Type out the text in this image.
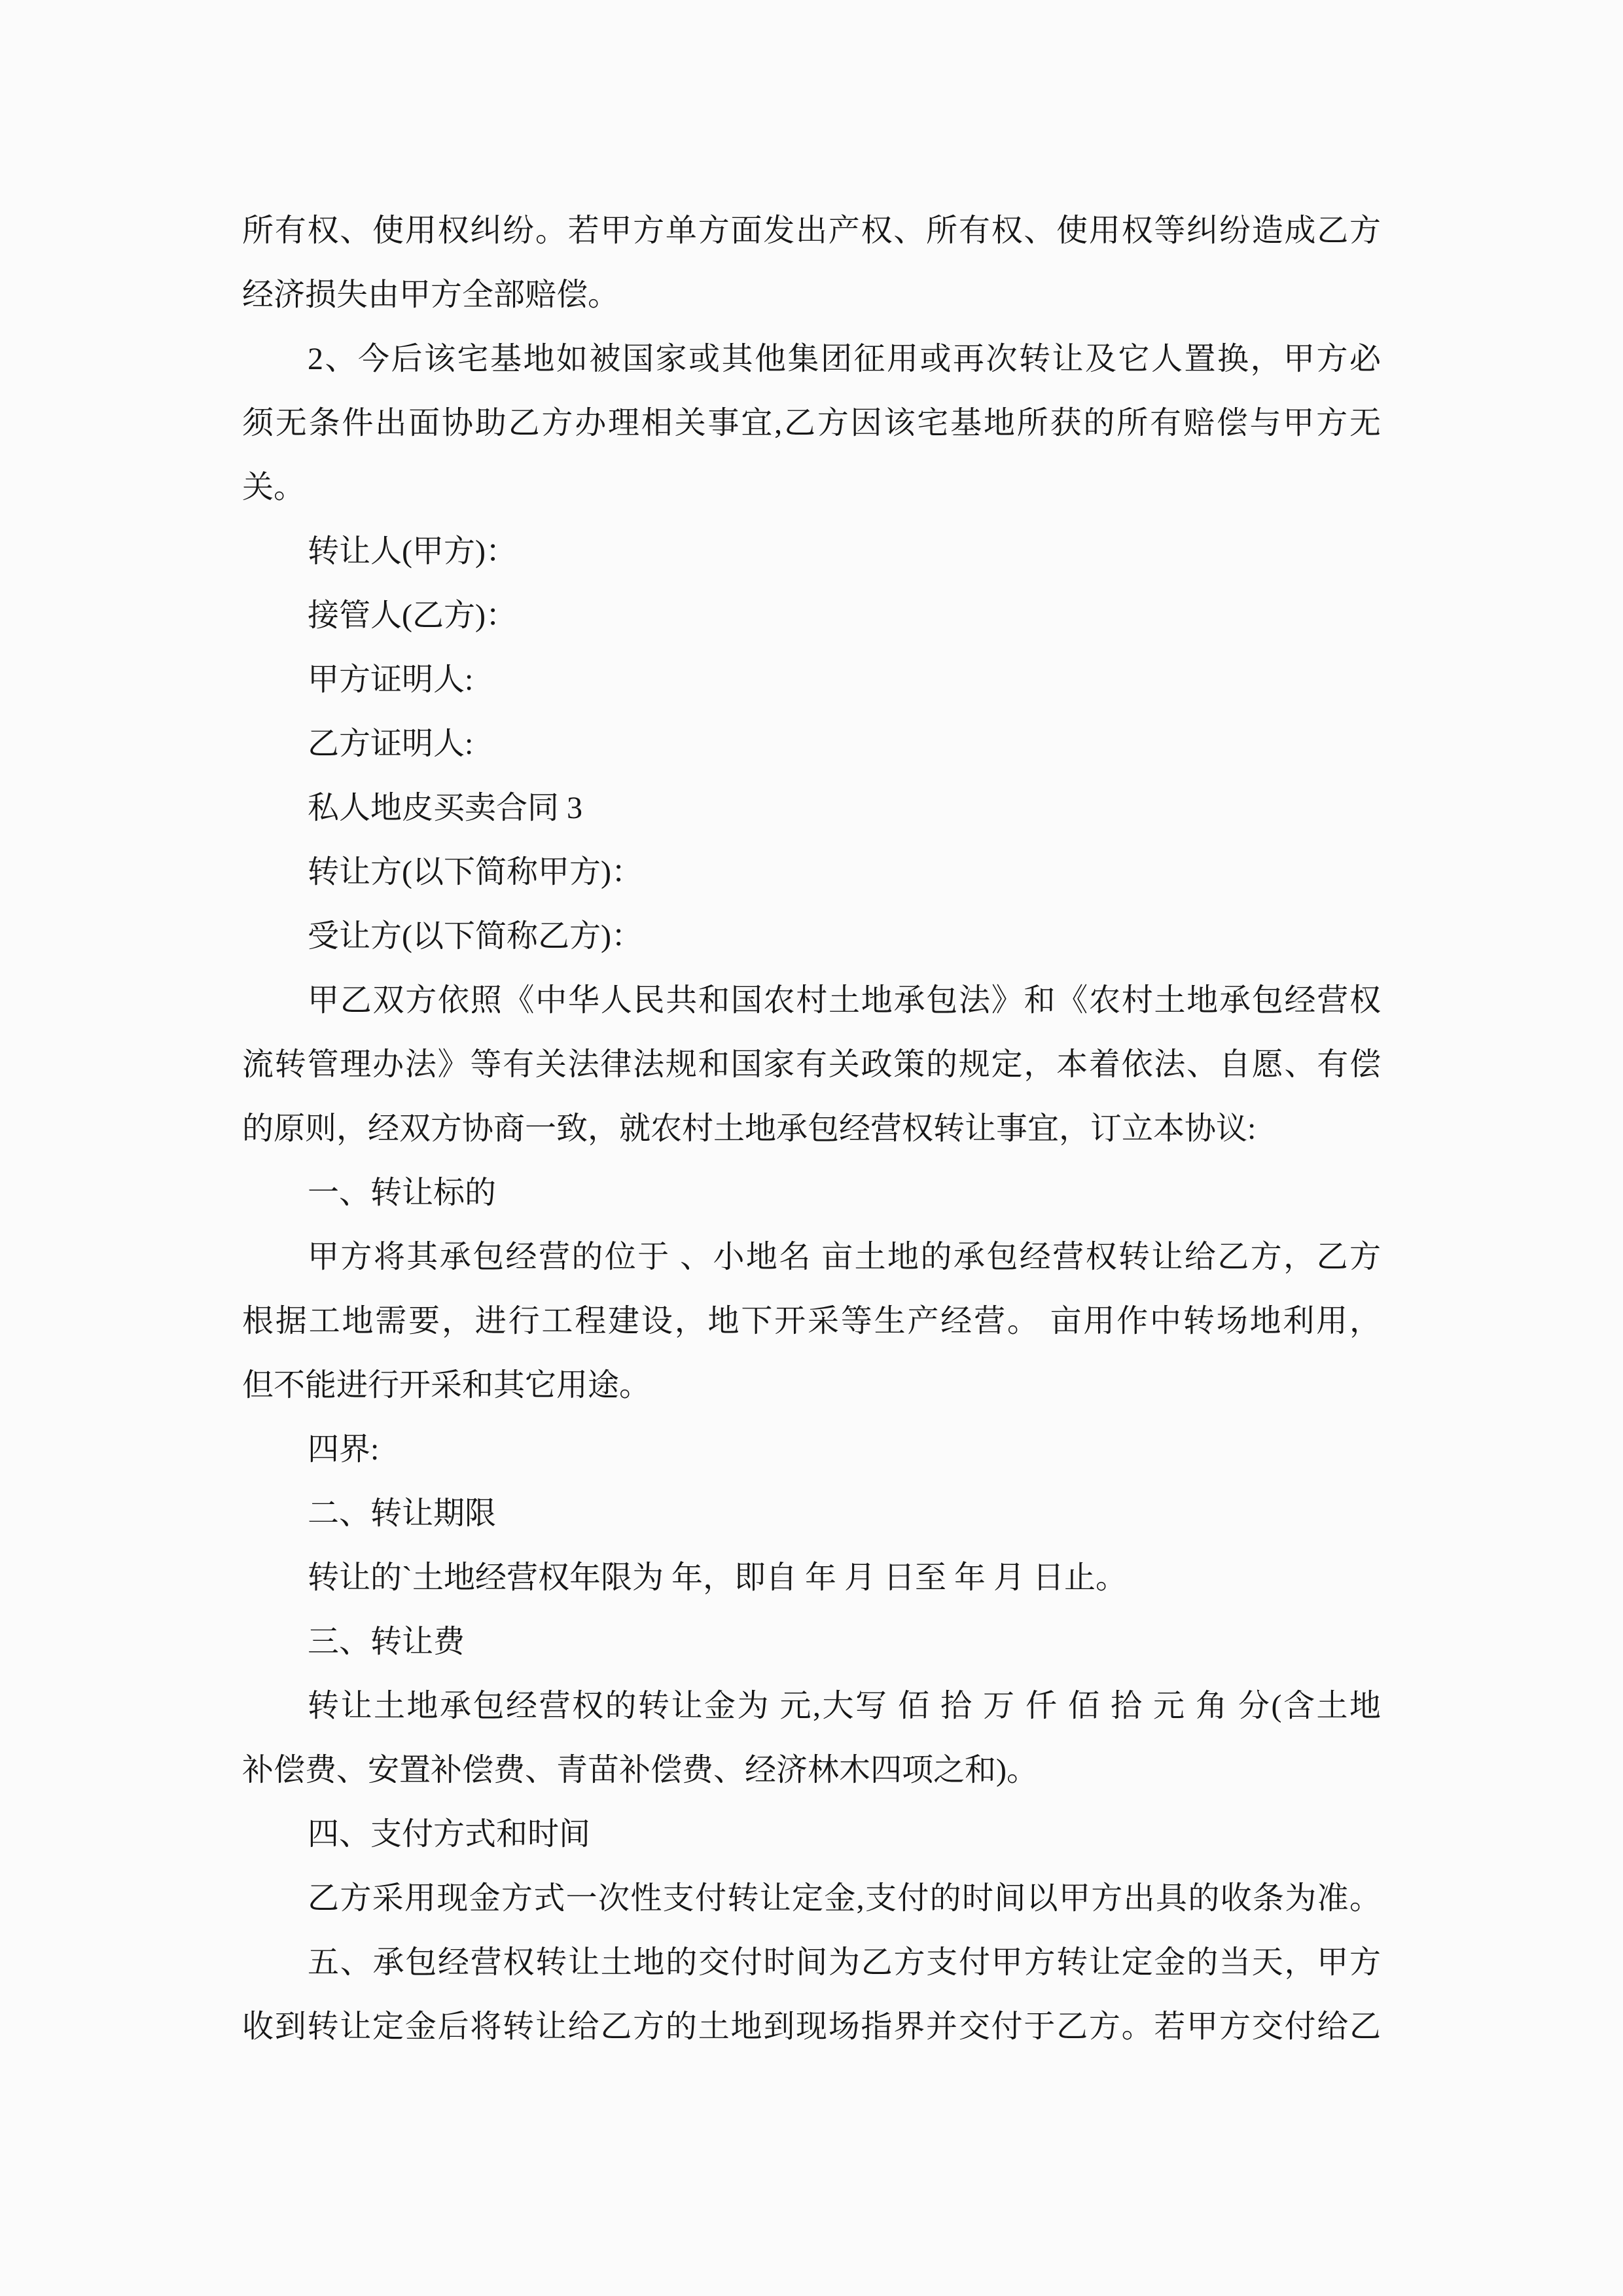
所有权、使用权纠纷。若甲方单方面发出产权、所有权、使用权等纠纷造成乙方
经济损失由甲方全部赔偿。
2、今后该宅基地如被国家或其他集团征用或再次转让及它人置换，甲方必
须无条件出面协助乙方办理相关事宜,乙方因该宅基地所获的所有赔偿与甲方无
关。
转让人(甲方)：
接管人(乙方)：
甲方证明人:
乙方证明人:
私人地皮买卖合同 3
转让方(以下简称甲方)：
受让方(以下简称乙方)：
甲乙双方依照《中华人民共和国农村土地承包法》和《农村土地承包经营权
流转管理办法》等有关法律法规和国家有关政策的规定，本着依法、自愿、有偿
的原则，经双方协商一致，就农村土地承包经营权转让事宜，订立本协议:
一、转让标的
甲方将其承包经营的位于 、小地名 亩土地的承包经营权转让给乙方，乙方
根据工地需要，进行工程建设，地下开采等生产经营。 亩用作中转场地利用，
但不能进行开采和其它用途。
四界:
二、转让期限
转让的`土地经营权年限为 年，即自 年 月 日至 年 月 日止。
三、转让费
转让土地承包经营权的转让金为 元,大写 佰 拾 万 仟 佰 拾 元 角 分(含土地
补偿费、安置补偿费、青苗补偿费、经济林木四项之和)。
四、支付方式和时间
乙方采用现金方式一次性支付转让定金,支付的时间以甲方出具的收条为准。
五、承包经营权转让土地的交付时间为乙方支付甲方转让定金的当天，甲方
收到转让定金后将转让给乙方的土地到现场指界并交付于乙方。若甲方交付给乙
